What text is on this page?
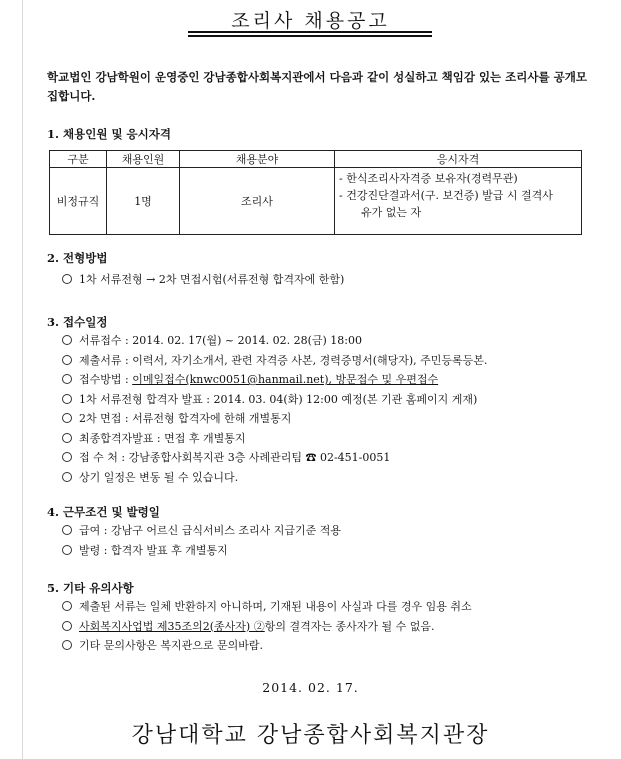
조리사 채용공고
학교법인 강남학원이 운영중인 강남종합사회복지관에서 다음과 같이 성실하고 책임감 있는 조리사를 공개모집합니다.
1. 채용인원 및 응시자격
구분	채용인원	채용분야	응시자격
비정규직	1명	조리사	- 한식조리사자격증 보유자(경력무관)
- 건강진단결과서(구. 보건증) 발급 시 결격사
유가 없는 자
2. 전형방법
1차 서류전형 → 2차 면접시험(서류전형 합격자에 한함)
3. 접수일정
서류접수 : 2014. 02. 17(월) ~ 2014. 02. 28(금) 18:00
제출서류 : 이력서, 자기소개서, 관련 자격증 사본, 경력증명서(해당자), 주민등록등본.
접수방법 : 이메일접수(knwc0051@hanmail.net), 방문접수 및 우편접수
1차 서류전형 합격자 발표 : 2014. 03. 04(화) 12:00 예정(본 기관 홈페이지 게재)
2차 면접 : 서류전형 합격자에 한해 개별통지
최종합격자발표 : 면접 후 개별통지
접 수 처 : 강남종합사회복지관 3층 사례관리팀 ☎ 02-451-0051
상기 일정은 변동 될 수 있습니다.
4. 근무조건 및 발령일
급여 : 강남구 어르신 급식서비스 조리사 지급기준 적용
발령 : 합격자 발표 후 개별통지
5. 기타 유의사항
제출된 서류는 일체 반환하지 아니하며, 기재된 내용이 사실과 다를 경우 임용 취소
사회복지사업법 제35조의2(종사자) ②항의 결격자는 종사자가 될 수 없음.
기타 문의사항은 복지관으로 문의바람.
2014. 02. 17.
강남대학교 강남종합사회복지관장
